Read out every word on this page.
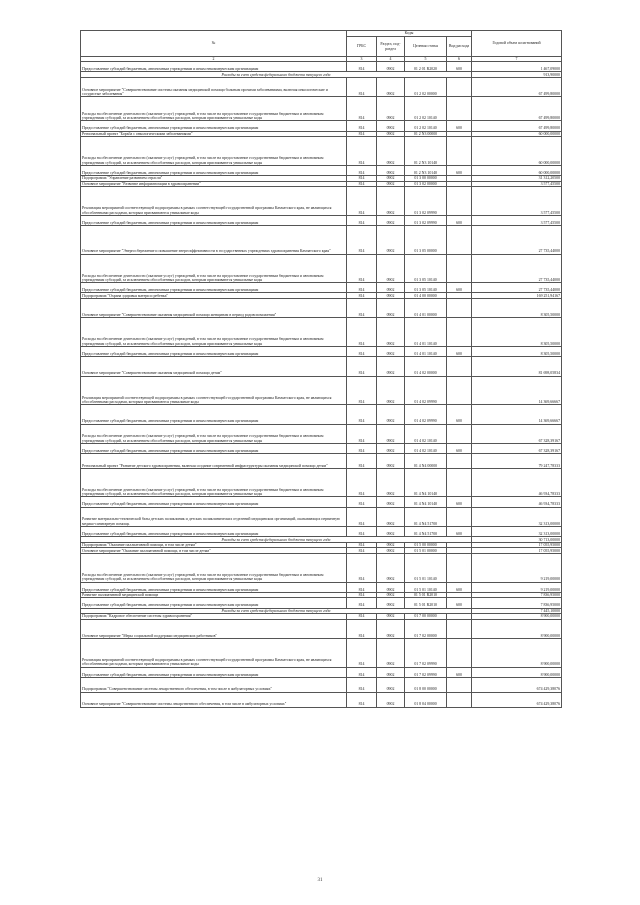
№	Коды				Годовой объем ассигнований
	ГРБС	Раздел, под-раздел	Целевая статья	Вид расхода	
2	3	4	5	6	7
Предоставление субсидий бюджетным, автономным учреждениям и иным некоммерческим организациям	814	0902	01 2 01 R2020	600	1 467,09000
Расходы за счет средств федерального бюджета текущего года					913,90000
Основное мероприятие "Совершенствование системы оказания медицинской помощи больным прочими заболеваниями, включая онкологические и сосудистые заболевания"	814	0902	01 2 02 00000		67 499,80000
Расходы на обеспечение деятельности (оказание услуг) учреждений, в том числе на предоставление государственным бюджетным и автономным учреждениям субсидий, за исключением обособленных расходов, которым присваиваются уникальные коды	814	0902	01 2 02 10140		67 499,80000
Предоставление субсидий бюджетным, автономным учреждениям и иным некоммерческим организациям	814	0902	01 2 02 10140	600	67 499,80000
Региональный проект "Борьба с онкологическими заболеваниями"	814	0902	01 2 N3 00000		60 000,00000
Расходы на обеспечение деятельности (оказание услуг) учреждений, в том числе на предоставление государственным бюджетным и автономным учреждениям субсидий, за исключением обособленных расходов, которым присваиваются уникальные коды	814	0902	01 2 N3 10140		60 000,00000
Предоставление субсидий бюджетным, автономным учреждениям и иным некоммерческим организациям	814	0902	01 2 N3 10140	600	60 000,00000
Подпрограмма "Управление развитием отрасли"	814	0902	01 3 00 00000		31 312,20500
Основное мероприятие "Развитие информатизации в здравоохранении"	814	0902	01 3 02 00000		3 577,45500
Реализация мероприятий соответствующей подпрограммы в рамках соответствующей государственной программы Камчатского края, не являющихся обособленными расходами, которым присваиваются уникальные коды	814	0902	01 3 02 09990		3 577,45500
Предоставление субсидий бюджетным, автономным учреждениям и иным некоммерческим организациям	814	0902	01 3 02 09990	600	3 577,45500
Основное мероприятие "Энергосбережение и повышение энергоэффективности в государственных учреждениях здравоохранения Камчатского края"	814	0902	01 3 05 00000		27 735,44000
Расходы на обеспечение деятельности (оказание услуг) учреждений, в том числе на предоставление государственным бюджетным и автономным учреждениям субсидий, за исключением обособленных расходов, которым присваиваются уникальные коды	814	0902	01 3 05 10140		27 735,44000
Предоставление субсидий бюджетным, автономным учреждениям и иным некоммерческим организациям	814	0902	01 3 05 10140	600	27 735,44000
Подпрограмма "Охрана здоровья матери и ребенка"	814	0902	01 4 00 00000		169 251,94167
Основное мероприятие "Совершенствование оказания медицинской помощи женщинам в период родовспоможения"	814	0902	01 4 01 00000		8 305,50000
Расходы на обеспечение деятельности (оказание услуг) учреждений, в том числе на предоставление государственным бюджетным и автономным учреждениям субсидий, за исключением обособленных расходов, которым присваиваются уникальные коды	814	0902	01 4 01 10140		8 305,50000
Предоставление субсидий бюджетным, автономным учреждениям и иным некоммерческим организациям	814	0902	01 4 01 10140	600	8 305,50000
Основное мероприятие "Совершенствование оказания медицинской помощи детям"	814	0902	01 4 02 00000		81 698,05834
Реализация мероприятий соответствующей подпрограммы в рамках соответствующей государственной программы Камчатского края, не являющихся обособленными расходами, которым присваиваются уникальные коды	814	0902	01 4 02 09990		14 369,66667
Предоставление субсидий бюджетным, автономным учреждениям и иным некоммерческим организациям	814	0902	01 4 02 09990	600	14 369,66667
Расходы на обеспечение деятельности (оказание услуг) учреждений, в том числе на предоставление государственным бюджетным и автономным учреждениям субсидий, за исключением обособленных расходов, которым присваиваются уникальные коды	814	0902	01 4 02 10140		67 328,39167
Предоставление субсидий бюджетным, автономным учреждениям и иным некоммерческим организациям	814	0902	01 4 02 10140	600	67 328,39167
Региональный проект "Развитие детского здравоохранения, включая создание современной инфраструктуры оказания медицинской помощи детям"	814	0902	01 4 N4 00000		79 247,78333
Расходы на обеспечение деятельности (оказание услуг) учреждений, в том числе на предоставление государственным бюджетным и автономным учреждениям субсидий, за исключением обособленных расходов, которым присваиваются уникальные коды	814	0902	01 4 N4 10140		46 934,78333
Предоставление субсидий бюджетным, автономным учреждениям и иным некоммерческим организациям	814	0902	01 4 N4 10140	600	46 934,78333
Развитие материально-технической базы детских поликлиник и детских поликлинических отделений медицинских организаций, оказывающих первичную медико-санитарную помощь	814	0902	01 4 N4 51700		32 313,00000
Предоставление субсидий бюджетным, автономным учреждениям и иным некоммерческим организациям	814	0902	01 4 N4 51700	600	32 313,00000
Расходы за счет средств федерального бюджета текущего года					30 713,00000
Подпрограмма "Оказание паллиативной помощи, в том числе детям"	814	0902	01 5 00 00000		17 055,95000
Основное мероприятие "Оказание паллиативной помощи, в том числе детям"	814	0902	01 5 01 00000		17 055,95000
Расходы на обеспечение деятельности (оказание услуг) учреждений, в том числе на предоставление государственным бюджетным и автономным учреждениям субсидий, за исключением обособленных расходов, которым присваиваются уникальные коды	814	0902	01 5 01 10140		9 219,00000
Предоставление субсидий бюджетным, автономным учреждениям и иным некоммерческим организациям	814	0902	01 5 01 10140	600	9 219,00000
Развитие паллиативной медицинской помощи	814	0902	01 5 01 R2010		7 836,95000
Предоставление субсидий бюджетным, автономным учреждениям и иным некоммерческим организациям	814	0902	01 5 01 R2010	600	7 836,95000
Расходы за счет средств федерального бюджета текущего года					7 445,10000
Подпрограмма "Кадровое обеспечение системы здравоохранения"	814	0902	01 7 00 00000		8 900,00000
Основное мероприятие "Меры социальной поддержки медицинских работников"	814	0902	01 7 02 00000		8 900,00000
Реализация мероприятий соответствующей подпрограммы в рамках соответствующей государственной программы Камчатского края, не являющихся обособленными расходами, которым присваиваются уникальные коды	814	0902	01 7 02 09990		8 900,00000
Предоставление субсидий бюджетным, автономным учреждениям и иным некоммерческим организациям	814	0902	01 7 02 09990	600	8 900,00000
Подпрограмма "Совершенствование системы лекарственного обеспечения, в том числе в амбулаторных условиях"	814	0902	01 8 00 00000		674 429,38076
Основное мероприятие "Совершенствование системы лекарственного обеспечения, в том числе в амбулаторных условиях"	814	0902	01 8 04 00000		674 429,38076
31
